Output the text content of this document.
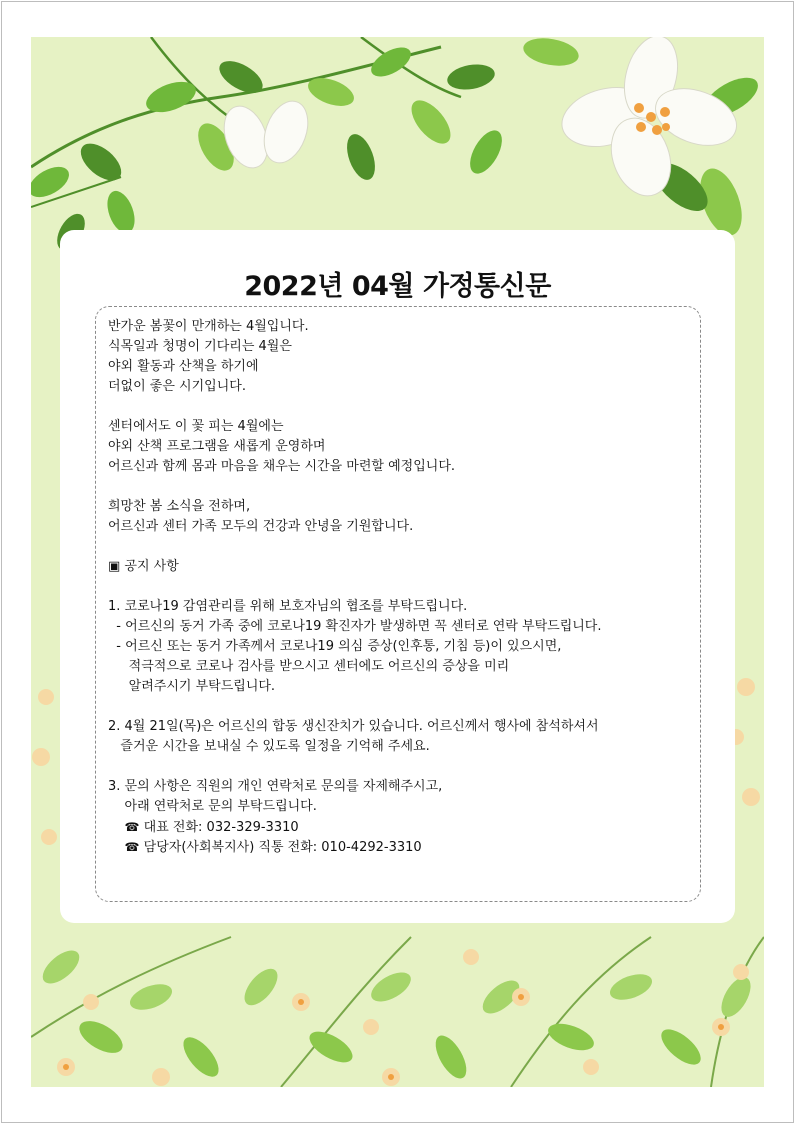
2022년 04월 가정통신문
반가운 봄꽃이 만개하는 4월입니다.
식목일과 청명이 기다리는 4월은
야외 활동과 산책을 하기에
더없이 좋은 시기입니다.
센터에서도 이 꽃 피는 4월에는
야외 산책 프로그램을 새롭게 운영하며
어르신과 함께 몸과 마음을 채우는 시간을 마련할 예정입니다.
희망찬 봄 소식을 전하며,
어르신과 센터 가족 모두의 건강과 안녕을 기원합니다.
▣ 공지 사항
1. 코로나19 감염관리를 위해 보호자님의 협조를 부탁드립니다.
- 어르신의 동거 가족 중에 코로나19 확진자가 발생하면 꼭 센터로 연락 부탁드립니다.
- 어르신 또는 동거 가족께서 코로나19 의심 증상(인후통, 기침 등)이 있으시면,
적극적으로 코로나 검사를 받으시고 센터에도 어르신의 증상을 미리
알려주시기 부탁드립니다.
2. 4월 21일(목)은 어르신의 합동 생신잔치가 있습니다. 어르신께서 행사에 참석하셔서
즐거운 시간을 보내실 수 있도록 일정을 기억해 주세요.
3. 문의 사항은 직원의 개인 연락처로 문의를 자제해주시고,
아래 연락처로 문의 부탁드립니다.
☎ 대표 전화: 032-329-3310
☎ 담당자(사회복지사) 직통 전화: 010-4292-3310
